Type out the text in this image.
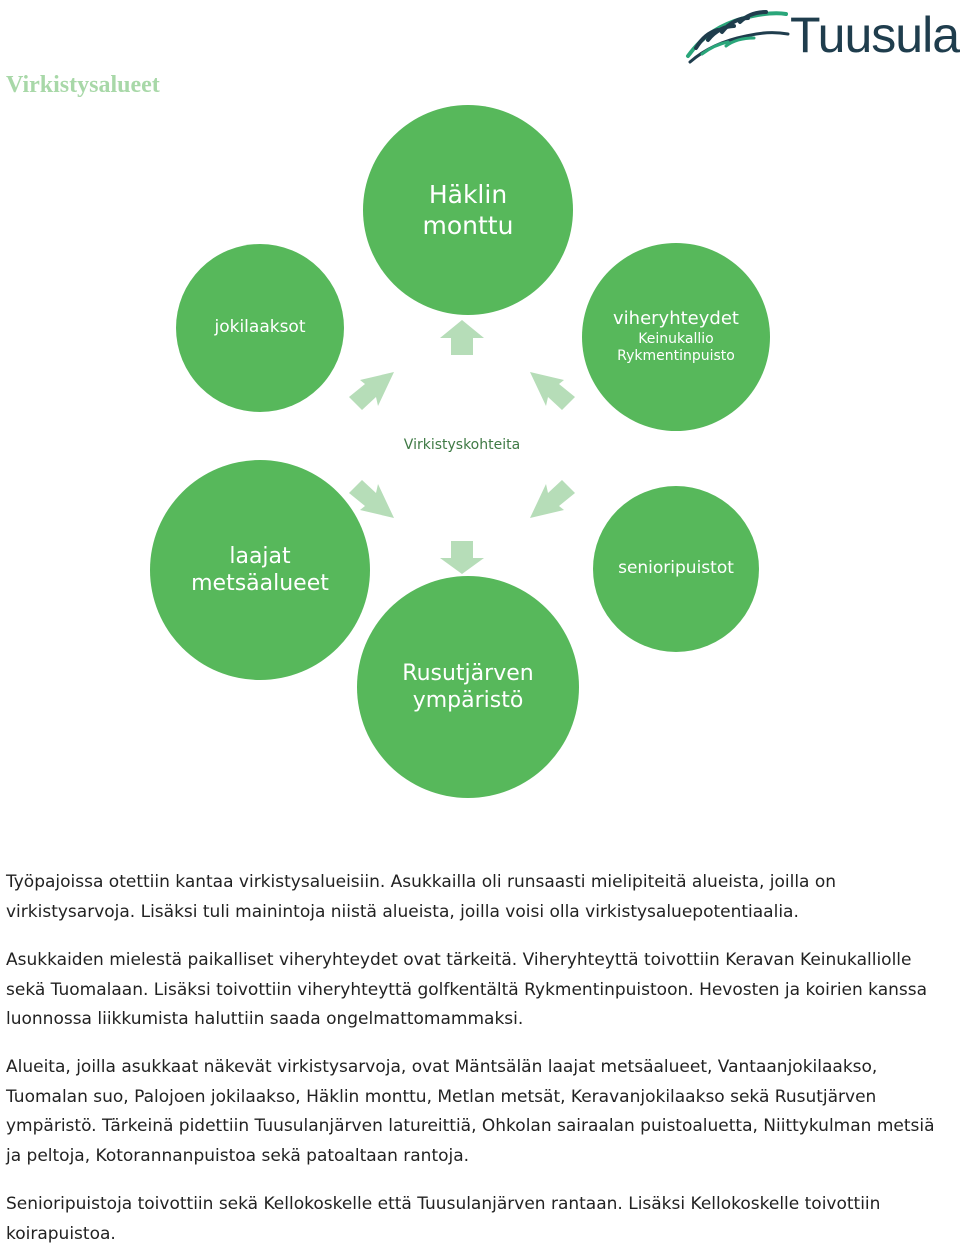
Tuusula
Virkistysalueet
Virkistyskohteita
Häklin monttu
jokilaaksot	viheryhteydet
Keinukallio
Rykmentinpuisto
laajat metsäalueet
senioripuistot
Rusutjärven ympäristö

Työpajoissa otettiin kantaa virkistysalueisiin. Asukkailla oli runsaasti mielipiteitä alueista, joilla on virkistysarvoja. Lisäksi tuli mainintoja niistä alueista, joilla voisi olla virkistysaluepotentiaalia.

Asukkaiden mielestä paikalliset viheryhteydet ovat tärkeitä. Viheryhteyttä toivottiin Keravan Keinukalliolle sekä Tuomalaan. Lisäksi toivottiin viheryhteyttä golfkentältä Rykmentinpuistoon. Hevosten ja koirien kanssa luonnossa liikkumista haluttiin saada ongelmattomammaksi.

Alueita, joilla asukkaat näkevät virkistysarvoja, ovat Mäntsälän laajat metsäalueet, Vantaanjokilaakso, Tuomalan suo, Palojoen jokilaakso, Häklin monttu, Metlan metsät, Keravanjokilaakso sekä Rusutjärven ympäristö. Tärkeinä pidettiin Tuusulanjärven latureittiä, Ohkolan sairaalan puistoaluetta, Niittykulman metsiä ja peltoja, Kotorannanpuistoa sekä patoaltaan rantoja.

Senioripuistoja toivottiin sekä Kellokoskelle että Tuusulanjärven rantaan. Lisäksi Kellokoskelle toivottiin koirapuistoa.
